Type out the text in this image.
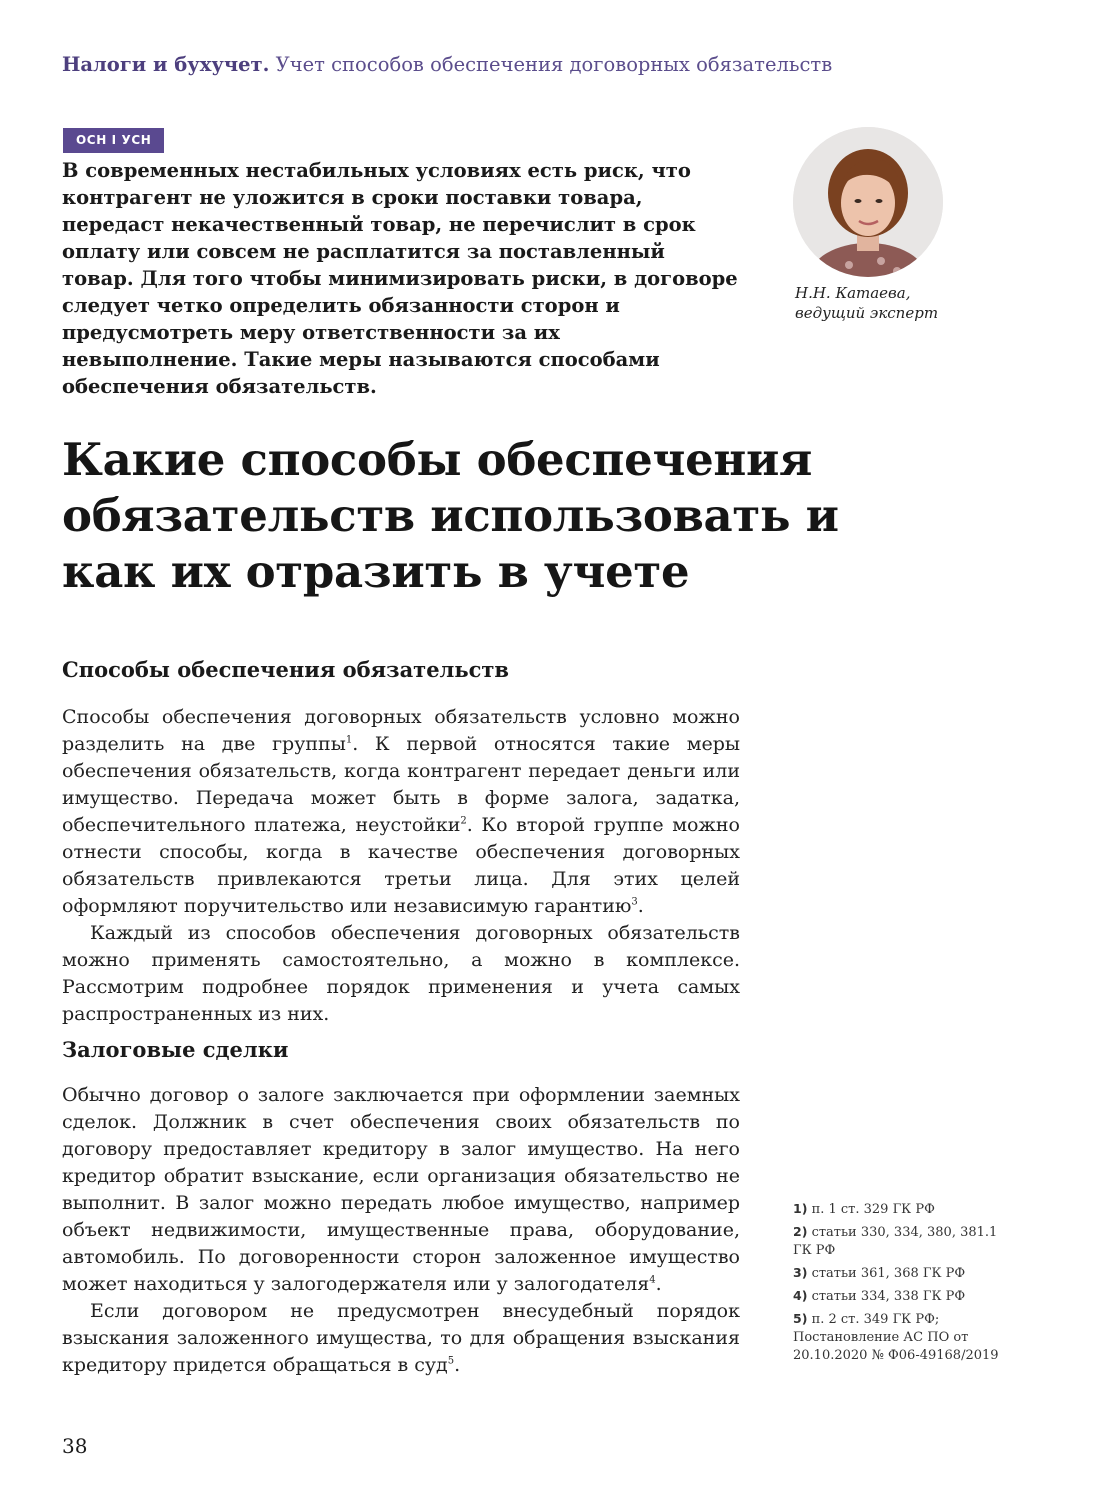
Налоги и бухучет. Учет способов обеспечения договорных обязательств
ОСН I УСН
В современных нестабильных условиях есть риск, что контрагент не уложится в сроки поставки товара, передаст некачественный товар, не перечислит в срок оплату или совсем не расплатится за поставленный товар. Для того чтобы минимизировать риски, в договоре следует четко определить обязанности сторон и предусмотреть меру ответственности за их невыполнение. Такие меры называются способами обеспечения обязательств.
Н.Н. Катаева,
ведущий эксперт
Какие способы обеспечения обязательств использовать и как их отразить в учете
Способы обеспечения обязательств

Способы обеспечения договорных обязательств условно можно разделить на две группы$^1$. К первой относятся такие меры обеспечения обязательств, когда контрагент передает деньги или имущество. Передача может быть в форме залога, задатка, обеспечительного платежа, неустойки$^2$. Ко второй группе можно отнести способы, когда в качестве обеспечения договорных обязательств привлекаются третьи лица. Для этих целей оформляют поручительство или независимую гарантию$^3$.

Каждый из способов обеспечения договорных обязательств можно применять самостоятельно, а можно в комплексе. Рассмотрим подробнее порядок применения и учета самых распространенных из них.

Залоговые сделки

Обычно договор о залоге заключается при оформлении заемных сделок. Должник в счет обеспечения своих обязательств по договору предоставляет кредитору в залог имущество. На него кредитор обратит взыскание, если организация обязательство не выполнит. В залог можно передать любое имущество, например объект недвижимости, имущественные права, оборудование, автомобиль. По договоренности сторон заложенное имущество может находиться у залогодержателя или у залогодателя$^4$.

Если договором не предусмотрен внесудебный порядок взыскания заложенного имущества, то для обращения взыскания кредитору придется обращаться в суд$^5$.

1) п. 1 ст. 329 ГК РФ
2) статьи 330, 334, 380, 381.1 ГК РФ
3) статьи 361, 368 ГК РФ
4) статьи 334, 338 ГК РФ
5) п. 2 ст. 349 ГК РФ; Постановление АС ПО от 20.10.2020 № Ф06-49168/2019
38
